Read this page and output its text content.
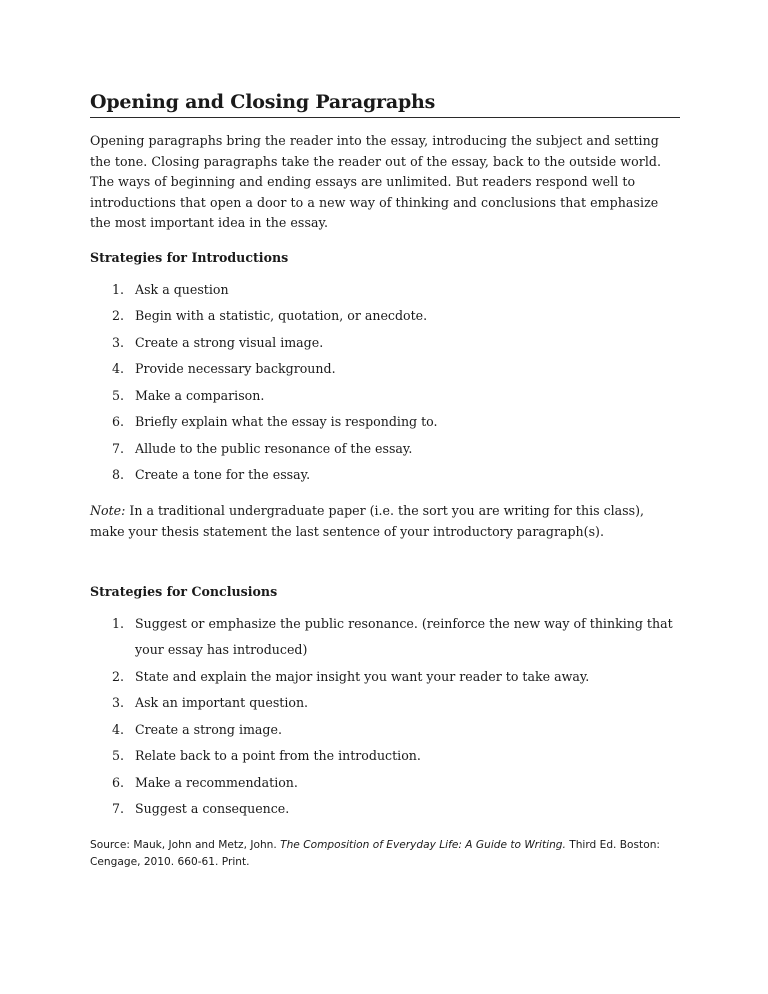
Opening and Closing Paragraphs

Opening paragraphs bring the reader into the essay, introducing the subject and setting the tone. Closing paragraphs take the reader out of the essay, back to the outside world. The ways of beginning and ending essays are unlimited. But readers respond well to introductions that open a door to a new way of thinking and conclusions that emphasize the most important idea in the essay.

Strategies for Introductions
1. Ask a question
2. Begin with a statistic, quotation, or anecdote.
3. Create a strong visual image.
4. Provide necessary background.
5. Make a comparison.
6. Briefly explain what the essay is responding to.
7. Allude to the public resonance of the essay.
8. Create a tone for the essay.

Note: In a traditional undergraduate paper (i.e. the sort you are writing for this class), make your thesis statement the last sentence of your introductory paragraph(s).

Strategies for Conclusions
1. Suggest or emphasize the public resonance. (reinforce the new way of thinking that your essay has introduced)
2. State and explain the major insight you want your reader to take away.
3. Ask an important question.
4. Create a strong image.
5. Relate back to a point from the introduction.
6. Make a recommendation.
7. Suggest a consequence.

Source: Mauk, John and Metz, John. The Composition of Everyday Life: A Guide to Writing. Third Ed. Boston: Cengage, 2010. 660-61. Print.
